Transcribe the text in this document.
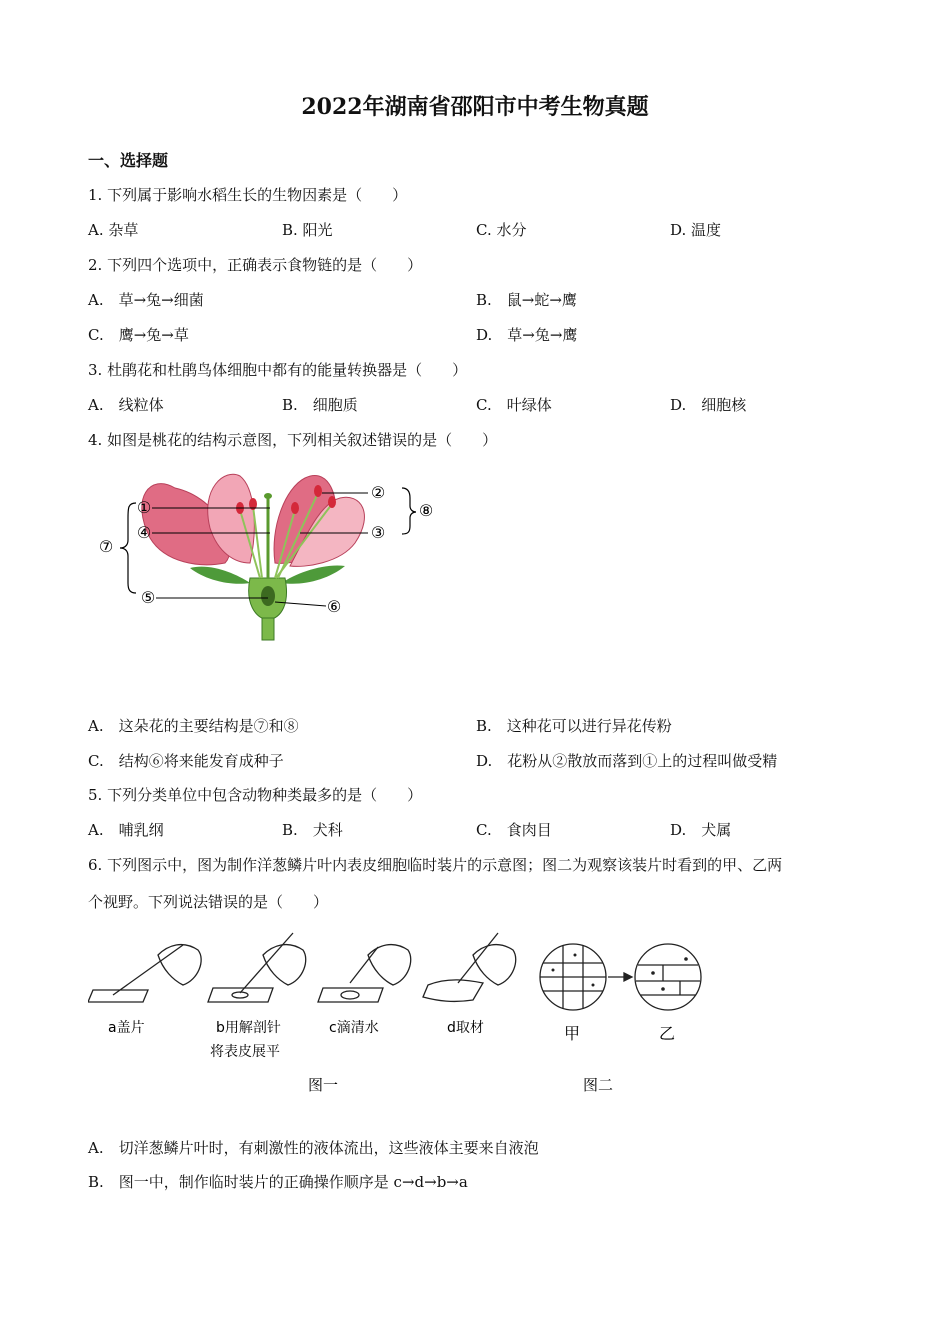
2022年湖南省邵阳市中考生物真题
一、选择题
1. 下列属于影响水稻生长的生物因素是（　　）
A. 杂草	B. 阳光	C. 水分	D. 温度
2. 下列四个选项中，正确表示食物链的是（　　）
A.　草→兔→细菌	B.　鼠→蛇→鹰
C.　鹰→兔→草	D.　草→兔→鹰
3. 杜鹃花和杜鹃鸟体细胞中都有的能量转换器是（　　）
A.　线粒体	B.　细胞质	C.　叶绿体	D.　细胞核
4. 如图是桃花的结构示意图，下列相关叙述错误的是（　　）
①
②
③
④
⑤	⑥
⑦
⑧
A.　这朵花的主要结构是⑦和⑧	B.　这种花可以进行异花传粉
C.　结构⑥将来能发育成种子	D.　花粉从②散放而落到①上的过程叫做受精
5. 下列分类单位中包含动物种类最多的是（　　）
A.　哺乳纲	B.　犬科	C.　食肉目	D.　犬属
6. 下列图示中，图为制作洋葱鳞片叶内表皮细胞临时装片的示意图；图二为观察该装片时看到的甲、乙两
个视野。下列说法错误的是（　　）
a盖片	b用解剖针
将表皮展平
c滴清水	d取材	甲	乙
图一	图二
A.　切洋葱鳞片叶时，有刺激性的液体流出，这些液体主要来自液泡
B.　图一中，制作临时装片的正确操作顺序是 c→d→b→a
